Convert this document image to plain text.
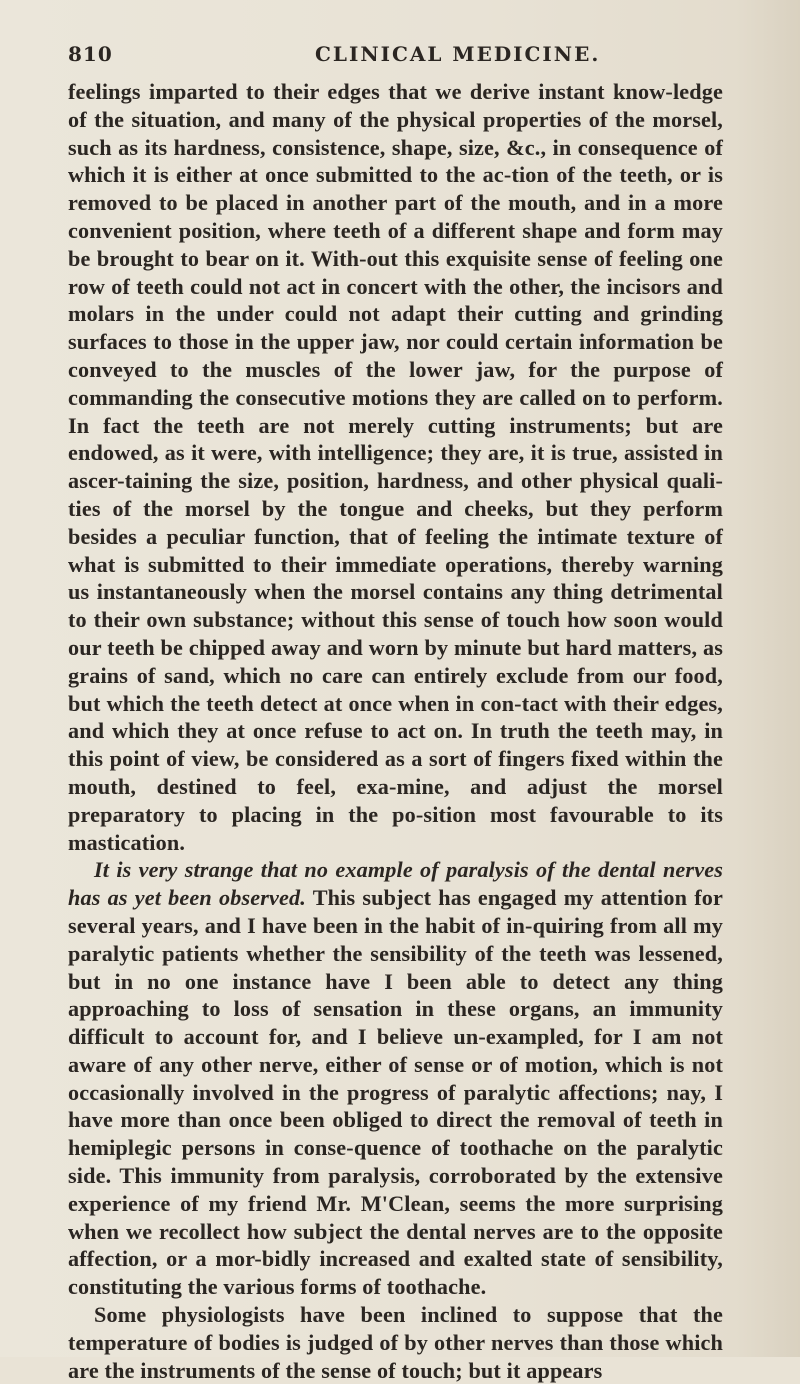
810	CLINICAL MEDICINE.

feelings imparted to their edges that we derive instant know-ledge of the situation, and many of the physical properties of the morsel, such as its hardness, consistence, shape, size, &c., in consequence of which it is either at once submitted to the ac-tion of the teeth, or is removed to be placed in another part of the mouth, and in a more convenient position, where teeth of a different shape and form may be brought to bear on it. With-out this exquisite sense of feeling one row of teeth could not act in concert with the other, the incisors and molars in the under could not adapt their cutting and grinding surfaces to those in the upper jaw, nor could certain information be conveyed to the muscles of the lower jaw, for the purpose of commanding the consecutive motions they are called on to perform. In fact the teeth are not merely cutting instruments; but are endowed, as it were, with intelligence; they are, it is true, assisted in ascer-taining the size, position, hardness, and other physical quali-ties of the morsel by the tongue and cheeks, but they perform besides a peculiar function, that of feeling the intimate texture of what is submitted to their immediate operations, thereby warning us instantaneously when the morsel contains any thing detrimental to their own substance; without this sense of touch how soon would our teeth be chipped away and worn by minute but hard matters, as grains of sand, which no care can entirely exclude from our food, but which the teeth detect at once when in con-tact with their edges, and which they at once refuse to act on. In truth the teeth may, in this point of view, be considered as a sort of fingers fixed within the mouth, destined to feel, exa-mine, and adjust the morsel preparatory to placing in the po-sition most favourable to its mastication.

It is very strange that no example of paralysis of the dental nerves has as yet been observed. This subject has engaged my attention for several years, and I have been in the habit of in-quiring from all my paralytic patients whether the sensibility of the teeth was lessened, but in no one instance have I been able to detect any thing approaching to loss of sensation in these organs, an immunity difficult to account for, and I believe un-exampled, for I am not aware of any other nerve, either of sense or of motion, which is not occasionally involved in the progress of paralytic affections; nay, I have more than once been obliged to direct the removal of teeth in hemiplegic persons in conse-quence of toothache on the paralytic side. This immunity from paralysis, corroborated by the extensive experience of my friend Mr. M'Clean, seems the more surprising when we recollect how subject the dental nerves are to the opposite affection, or a mor-bidly increased and exalted state of sensibility, constituting the various forms of toothache.

Some physiologists have been inclined to suppose that the temperature of bodies is judged of by other nerves than those which are the instruments of the sense of touch; but it appears
